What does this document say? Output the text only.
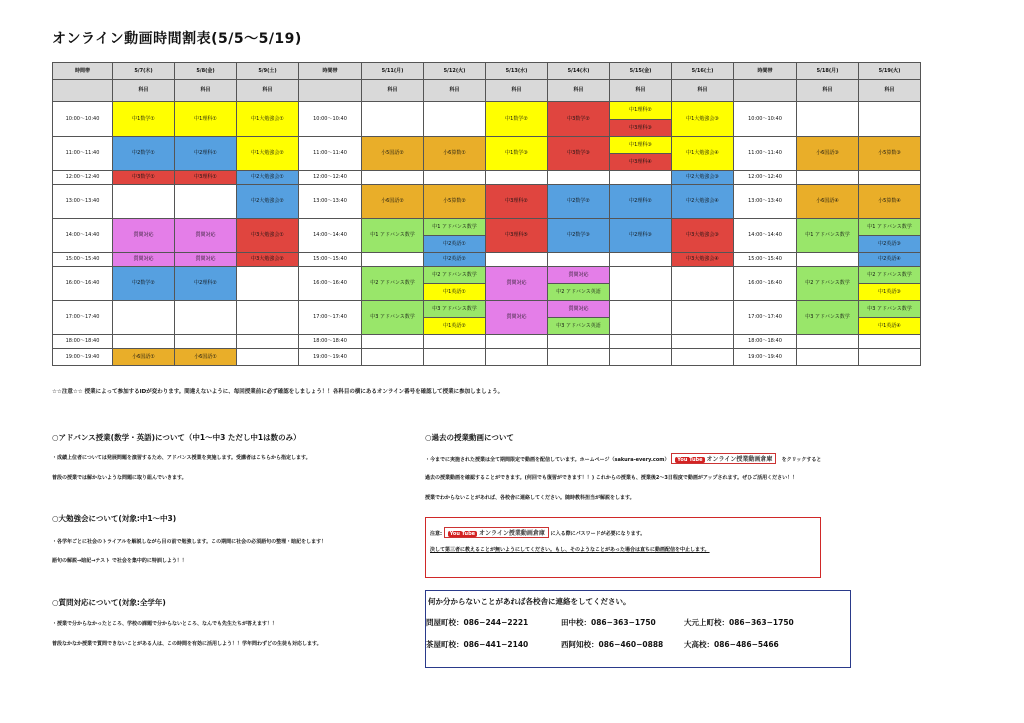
オンライン動画時間割表(5/5〜5/19)
時間帯	5/7(木)	5/8(金)	5/9(土)	時間帯	5/11(月)	5/12(火)	5/13(水)	5/14(木)	5/15(金)	5/16(土)	時間帯	5/18(月)	5/19(火)
	科目	科目	科目		科目	科目	科目	科目	科目	科目		科目	科目
10:00〜10:40	中1数学①	中1理科①	中1大勉強会①	10:00〜10:40			中1数学②	中3数学②	中1理科②	中1大勉強会③	10:00〜10:40		
									中3理科③				
11:00〜11:40	中2数学①	中2理科①	中1大勉強会②	11:00〜11:40	小5国語②	小6算数①	中1数学③	中3数学③	中1理科③	中1大勉強会④	11:00〜11:40	小6国語③	小5算数③
									中3理科④				
12:00〜12:40	中3数学①	中3理科①	中2大勉強会①	12:00〜12:40						中2大勉強会③	12:00〜12:40		
13:00〜13:40			中2大勉強会②	13:00〜13:40	小6国語②	小5算数②	中3理科②	中2数学②	中2理科②	中2大勉強会④	13:00〜13:40	小6国語④	小5算数④
14:00〜14:40	質問対応	質問対応	中3大勉強会①	14:00〜14:40	中1 アドバンス数学	中1 アドバンス数学	中3理科⑤	中2数学③	中2理科③	中3大勉強会③	14:00〜14:40	中1 アドバンス数学	中1 アドバンス数学
						中2英語①							中2英語③
15:00〜15:40	質問対応	質問対応	中3大勉強会②	15:00〜15:40		中2英語②				中3大勉強会④	15:00〜15:40		中2英語④
16:00〜16:40	中2数学②	中2理科②		16:00〜16:40	中2 アドバンス数学	中2 アドバンス数学	質問対応	質問対応			16:00〜16:40	中2 アドバンス数学	中2 アドバンス数学
						中1英語①		中2 アドバンス英語					中1英語③
17:00〜17:40				17:00〜17:40	中3 アドバンス数学	中3 アドバンス数学	質問対応	質問対応			17:00〜17:40	中3 アドバンス数学	中3 アドバンス数学
						中1英語②		中3 アドバンス英語					中1英語④
18:00〜18:40				18:00〜18:40							18:00〜18:40		
19:00〜19:40	小6国語①	小6国語①		19:00〜19:40							19:00〜19:40		
☆☆注意☆☆ 授業によって参加するIDが変わります。間違えないように、毎回授業前に必ず確認をしましょう！！各科目の横にあるオンライン番号を確認して授業に参加しましょう。
○アドバンス授業(数学・英語)について（中1〜中3 ただし中1は数のみ）

・成績上位者については発展問題を演習するため、アドバンス授業を実施します。受講者はこちらから指定します。

普段の授業では解かないような問題に取り組んでいきます。

○大勉強会について(対象:中1〜中3)

・各学年ごとに社会のトライアルを解説しながら目の前で勉強します。この期間に社会の必須語句の整理・暗記をします！

語句の解説→暗記→テスト で社会を集中的に特訓しよう！！

○質問対応について(対象:全学年)

・授業で分からなかったところ、学校の課題で分からないところ、なんでも先生たちが答えます！！

普段なかなか授業で質問できないことがある人は、この時間を有効に活用しよう！！学年問わずどの生徒も対応します。

○過去の授業動画について

・今までに実施された授業は全て期間限定で動画を配信しています。ホームページ（sakura-every.com） You Tube オンライン授業動画倉庫 をクリックすると

過去の授業動画を確認することができます。(何回でも復習ができます！！) これからの授業も、授業後2〜3日程度で動画がアップされます。ぜひご活用ください！！

授業でわからないことがあれば、各校舎に連絡してください。随時教科担当が解説をします。

注意: You Tube オンライン授業動画倉庫 に入る際にパスワードが必要になります。

決して第三者に教えることが無いようにしてください。もし、そのようなことがあった場合は直ちに動画配信を中止します。

何か分からないことがあれば各校舎に連絡をしてください。

問屋町校：086−244−2221	田中校：086−363−1750	大元上町校：086−363−1750

茶屋町校：086−441−2140	西阿知校：086−460−0888	大高校：086−486−5466
